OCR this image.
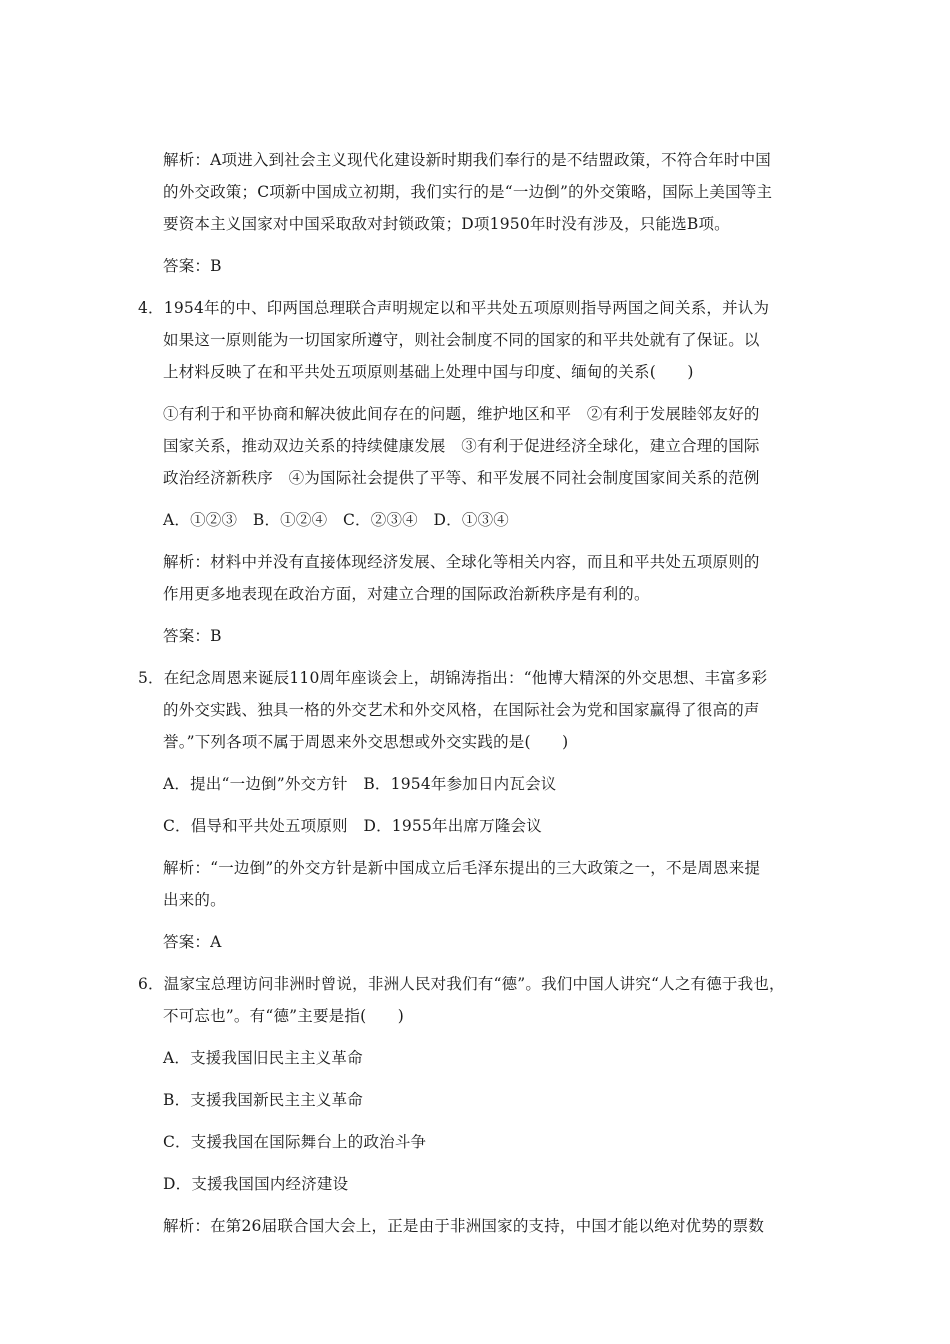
解析：A项进入到社会主义现代化建设新时期我们奉行的是不结盟政策，不符合年时中国
的外交政策；C项新中国成立初期，我们实行的是“一边倒”的外交策略，国际上美国等主
要资本主义国家对中国采取敌对封锁政策；D项1950年时没有涉及，只能选B项。
答案：B
4．1954年的中、印两国总理联合声明规定以和平共处五项原则指导两国之间关系，并认为
如果这一原则能为一切国家所遵守，则社会制度不同的国家的和平共处就有了保证。以
上材料反映了在和平共处五项原则基础上处理中国与印度、缅甸的关系(　　)
①有利于和平协商和解决彼此间存在的问题，维护地区和平　②有利于发展睦邻友好的
国家关系，推动双边关系的持续健康发展　③有利于促进经济全球化，建立合理的国际
政治经济新秩序　④为国际社会提供了平等、和平发展不同社会制度国家间关系的范例
A．①②③　B．①②④　C．②③④　D．①③④
解析：材料中并没有直接体现经济发展、全球化等相关内容，而且和平共处五项原则的
作用更多地表现在政治方面，对建立合理的国际政治新秩序是有利的。
答案：B
5．在纪念周恩来诞辰110周年座谈会上，胡锦涛指出：“他博大精深的外交思想、丰富多彩
的外交实践、独具一格的外交艺术和外交风格，在国际社会为党和国家赢得了很高的声
誉。”下列各项不属于周恩来外交思想或外交实践的是(　　)
A．提出“一边倒”外交方针　B．1954年参加日内瓦会议
C．倡导和平共处五项原则　D．1955年出席万隆会议
解析：“一边倒”的外交方针是新中国成立后毛泽东提出的三大政策之一，不是周恩来提
出来的。
答案：A
6．温家宝总理访问非洲时曾说，非洲人民对我们有“德”。我们中国人讲究“人之有德于我也，
不可忘也”。有“德”主要是指(　　)
A．支援我国旧民主主义革命
B．支援我国新民主主义革命
C．支援我国在国际舞台上的政治斗争
D．支援我国国内经济建设
解析：在第26届联合国大会上，正是由于非洲国家的支持，中国才能以绝对优势的票数
